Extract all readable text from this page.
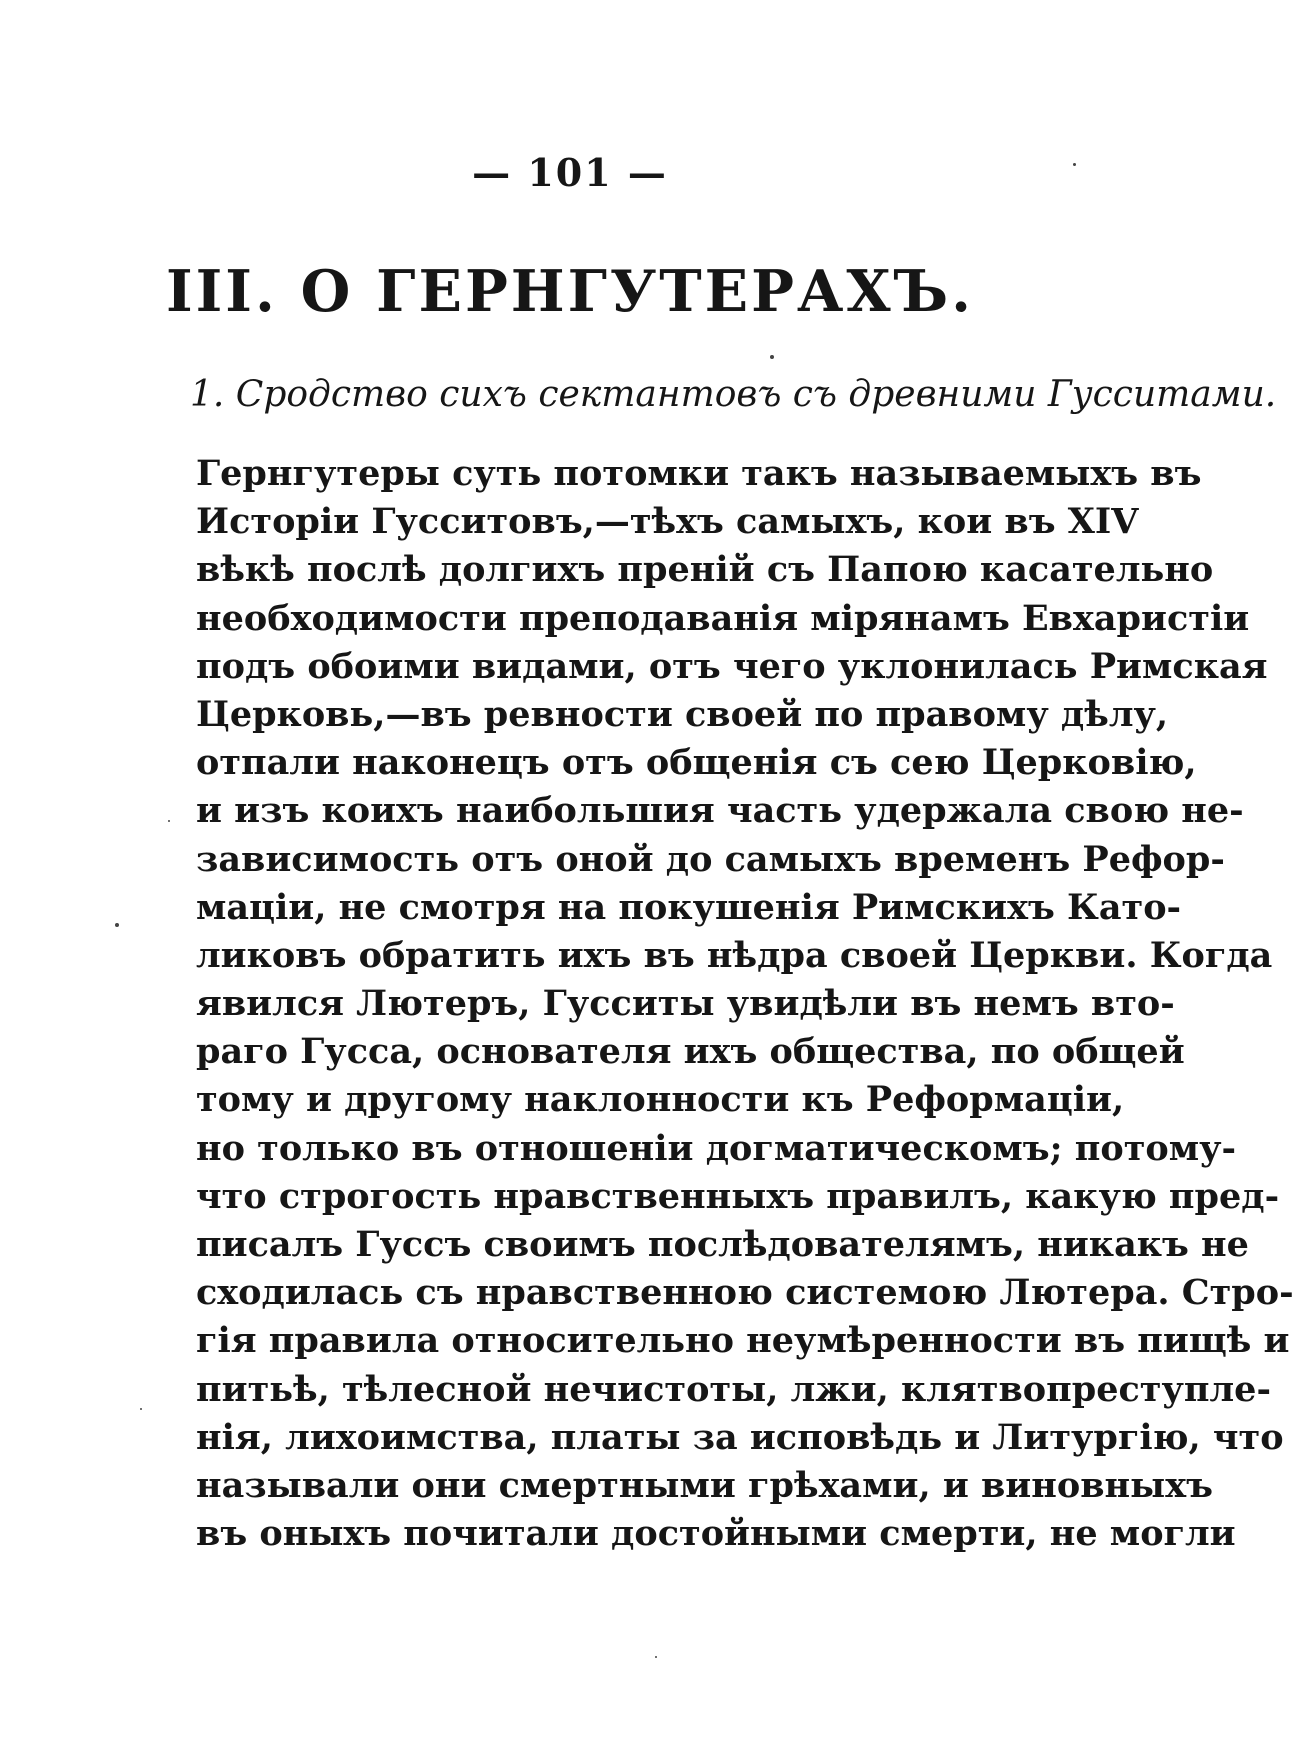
— 101 —
III. О ГЕРНГУТЕРАХЪ.
1. Сродство сихъ сектантовъ съ древними Гусситами.
Гернгутеры суть потомки такъ называемыхъ въ
Исторіи Гусситовъ,—тѣхъ самыхъ, кои въ XIV
вѣкѣ послѣ долгихъ преній съ Папою касательно
необходимости преподаванія мірянамъ Евхаристіи
подъ обоими видами, отъ чего уклонилась Римская
Церковь,—въ ревности своей по правому дѣлу,
отпали наконецъ отъ общенія съ сею Церковію,
и изъ коихъ наибольшия часть удержала свою не-
зависимость отъ оной до самыхъ временъ Рефор-
маціи, не смотря на покушенія Римскихъ Като-
ликовъ обратить ихъ въ нѣдра своей Церкви. Когда
явился Лютеръ, Гусситы увидѣли въ немъ вто-
раго Гусса, основателя ихъ общества, по общей
тому и другому наклонности къ Реформаціи,
но только въ отношеніи догматическомъ; потому-
что строгость нравственныхъ правилъ, какую пред-
писалъ Гуссъ своимъ послѣдователямъ, никакъ не
сходилась съ нравственною системою Лютера. Стро-
гія правила относительно неумѣренности въ пищѣ и
питьѣ, тѣлесной нечистоты, лжи, клятвопреступле-
нія, лихоимства, платы за исповѣдь и Литургію, что
называли они смертными грѣхами, и виновныхъ
въ оныхъ почитали достойными смерти, не могли
